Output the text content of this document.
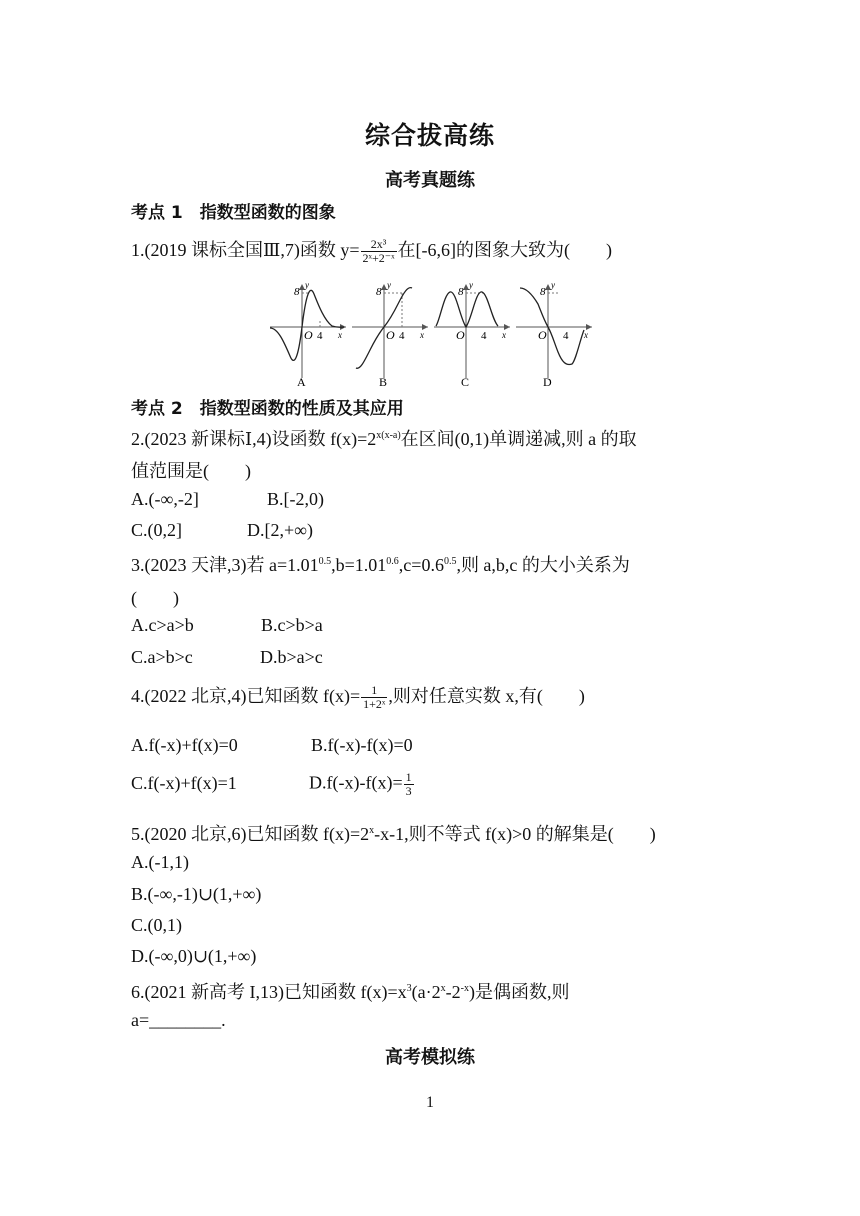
综合拔高练
高考真题练
考点 1　指数型函数的图象
1.(2019 课标全国Ⅲ,7)函数 $y= \frac{\text{2x³}}{\text{2ˣ+2⁻ˣ}}$ 在[-6,6]的图象大致为(　　)
8
y
O 4 x
A
8
y
O 4 x
B
8
y
O 4 x
C
8
y
O 4 x
D
考点 2　指数型函数的性质及其应用
2.(2023 新课标Ⅰ,4)设函数 $f(x)=2^{x(x-a)}$在区间(0,1)单调递减,则 a 的取
值范围是(　　)
A.(-∞,-2]	B.[-2,0)
C.(0,2]	D.[2,+∞)
3.(2023 天津,3)若 $a=1.01^{0.5},b=1.01^{0.6},c=0.6^{0.5}$,则 a,b,c 的大小关系为
(　　)
A.c>a>b	B.c>b>a
C.a>b>c	D.b>a>c
4.(2022 北京,4)已知函数 $f(x)= \frac{1}{\text{1+2ˣ}}$ ,则对任意实数 x,有(　　)
A.f(-x)+f(x)=0	B.f(-x)-f(x)=0
C.f(-x)+f(x)=1	$D.f(-x)-f(x)= \frac{1}{3}$
5.(2020 北京,6)已知函数 $f(x)=2^x-x-1$,则不等式 f(x)>0 的解集是(　　)
A.(-1,1)
B.(-∞,-1)∪(1,+∞)
C.(0,1)
D.(-∞,0)∪(1,+∞)
6.(2021 新高考 I,13)已知函数 $f(x)=x^3(a\cdot 2^x-2^{-x})$是偶函数,则
a=________.
高考模拟练
1
